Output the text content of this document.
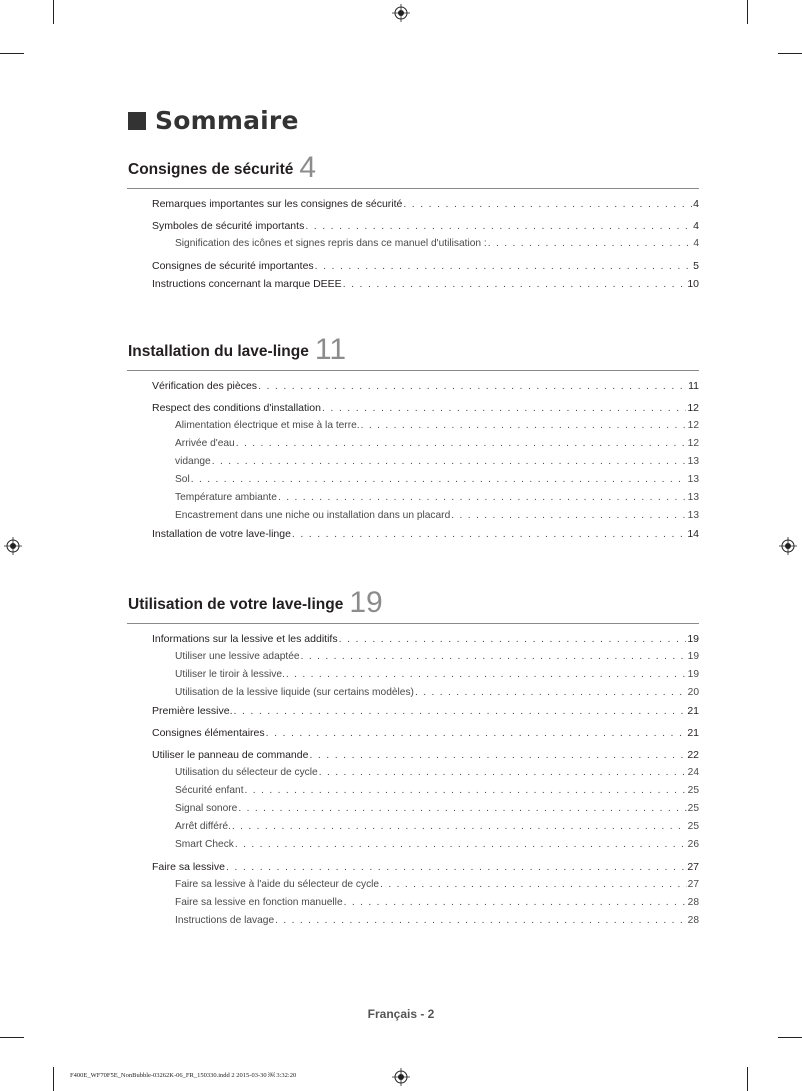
Sommaire
Consignes de sécurité 4
Remarques importantes sur les consignes de sécurité . . .	4
Symboles de sécurité importants . . .	4
Signification des icônes et signes repris dans ce manuel d'utilisation : . . .	4
Consignes de sécurité importantes . . .	5
Instructions concernant la marque DEEE . . .	10
Installation du lave-linge 11
Vérification des pièces . . .	11
Respect des conditions d'installation . . .	12
Alimentation électrique et mise à la terre. . . .	12
Arrivée d'eau . . .	12
vidange . . .	13
Sol . . .	13
Température ambiante . . .	13
Encastrement dans une niche ou installation dans un placard . . .	13
Installation de votre lave-linge . . .	14
Utilisation de votre lave-linge 19
Informations sur la lessive et les additifs . . .	19
Utiliser une lessive adaptée . . .	19
Utiliser le tiroir à lessive. . . .	19
Utilisation de la lessive liquide (sur certains modèles) . . .	20
Première lessive. . . .	21
Consignes élémentaires . . .	21
Utiliser le panneau de commande . . .	22
Utilisation du sélecteur de cycle . . .	24
Sécurité enfant . . .	25
Signal sonore . . .	25
Arrêt différé. . . .	25
Smart Check . . .	26
Faire sa lessive . . .	27
Faire sa lessive à l'aide du sélecteur de cycle . . .	27
Faire sa lessive en fonction manuelle . . .	28
Instructions de lavage . . .	28
Français - 2
F400E_WF70F5E_NonBubble-03262K-06_FR_150330.indd 2 2015-03-30 ￼ 3:32:20
